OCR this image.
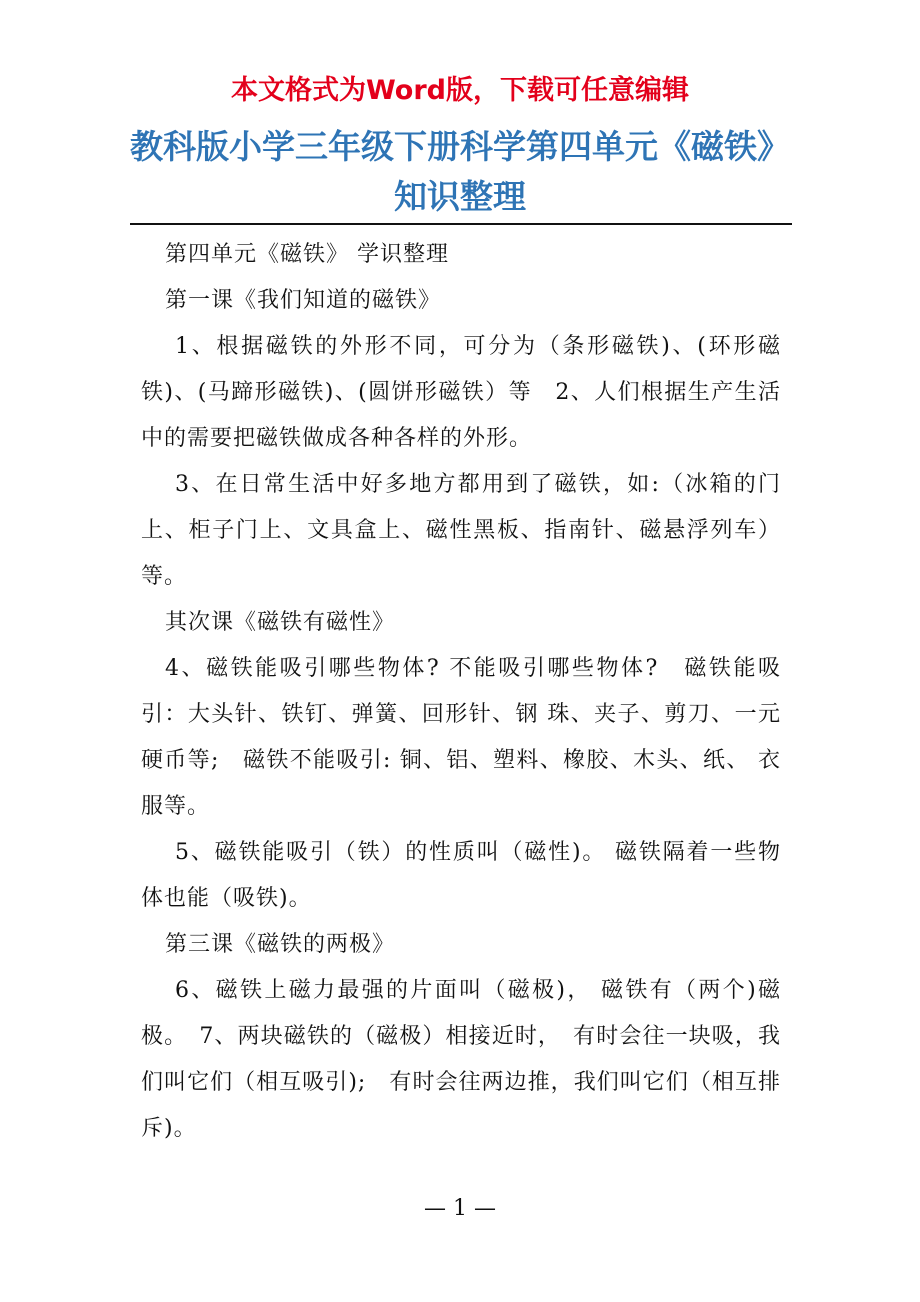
本文格式为Word版，下载可任意编辑
教科版小学三年级下册科学第四单元《磁铁》知识整理

第四单元《磁铁》 学识整理

第一课《我们知道的磁铁》

1、根据磁铁的外形不同，可分为（条形磁铁)、(环形磁铁)、(马蹄形磁铁)、(圆饼形磁铁）等　2、人们根据生产生活中的需要把磁铁做成各种各样的外形。

3、在日常生活中好多地方都用到了磁铁，如:（冰箱的门上、柜子门上、文具盒上、磁性黑板、指南针、磁悬浮列车）等。

其次课《磁铁有磁性》

4、磁铁能吸引哪些物体? 不能吸引哪些物体?　磁铁能吸引：大头针、铁钉、弹簧、回形针、钢 珠、夹子、剪刀、一元硬币等;　磁铁不能吸引: 铜、铝、塑料、橡胶、木头、纸、 衣服等。

5、磁铁能吸引（铁）的性质叫（磁性)。 磁铁隔着一些物体也能（吸铁)。

第三课《磁铁的两极》

6、磁铁上磁力最强的片面叫（磁极)， 磁铁有（两个)磁极。　7、两块磁铁的（磁极）相接近时，　有时会往一块吸，我们叫它们（相互吸引);　有时会往两边推，我们叫它们（相互排斥)。

— 1 —
